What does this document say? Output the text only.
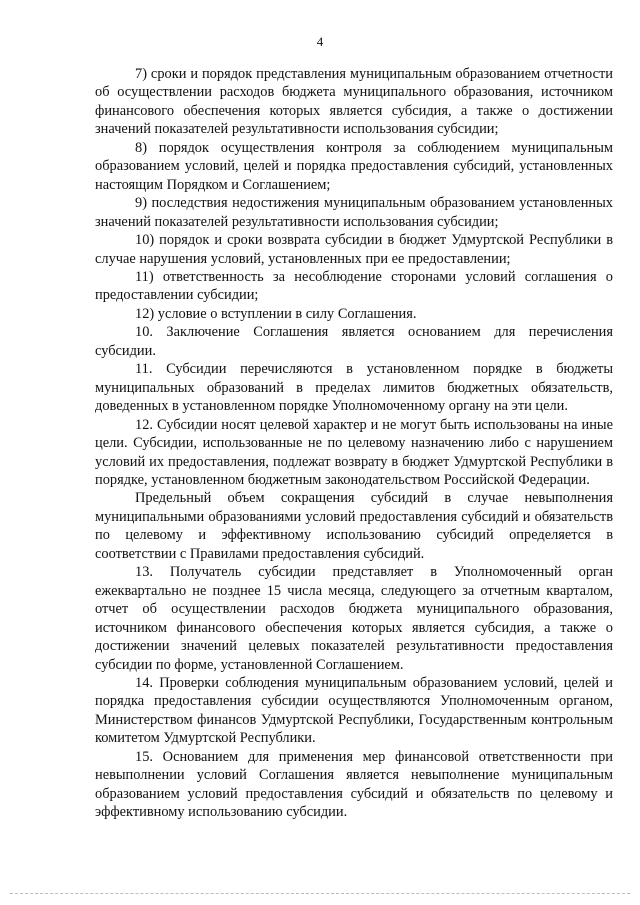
4

7) сроки и порядок представления муниципальным образованием отчетности об осуществлении расходов бюджета муниципального образования, источником финансового обеспечения которых является субсидия, а также о достижении значений показателей результативности использования субсидии;

8) порядок осуществления контроля за соблюдением муниципальным образованием условий, целей и порядка предоставления субсидий, установленных настоящим Порядком и Соглашением;

9) последствия недостижения муниципальным образованием установленных значений показателей результативности использования субсидии;

10) порядок и сроки возврата субсидии в бюджет Удмуртской Республики в случае нарушения условий, установленных при ее предоставлении;

11) ответственность за несоблюдение сторонами условий соглашения о предоставлении субсидии;

12) условие о вступлении в силу Соглашения.

10. Заключение Соглашения является основанием для перечисления субсидии.

11. Субсидии перечисляются в установленном порядке в бюджеты муниципальных образований в пределах лимитов бюджетных обязательств, доведенных в установленном порядке Уполномоченному органу на эти цели.

12. Субсидии носят целевой характер и не могут быть использованы на иные цели. Субсидии, использованные не по целевому назначению либо с нарушением условий их предоставления, подлежат возврату в бюджет Удмуртской Республики в порядке, установленном бюджетным законодательством Российской Федерации.

Предельный объем сокращения субсидий в случае невыполнения муниципальными образованиями условий предоставления субсидий и обязательств по целевому и эффективному использованию субсидий определяется в соответствии с Правилами предоставления субсидий.

13. Получатель субсидии представляет в Уполномоченный орган ежеквартально не позднее 15 числа месяца, следующего за отчетным кварталом, отчет об осуществлении расходов бюджета муниципального образования, источником финансового обеспечения которых является субсидия, а также о достижении значений целевых показателей результативности предоставления субсидии по форме, установленной Соглашением.

14. Проверки соблюдения муниципальным образованием условий, целей и порядка предоставления субсидии осуществляются Уполномоченным органом, Министерством финансов Удмуртской Республики, Государственным контрольным комитетом Удмуртской Республики.

15. Основанием для применения мер финансовой ответственности при невыполнении условий Соглашения является невыполнение муниципальным образованием условий предоставления субсидий и обязательств по целевому и эффективному использованию субсидии.
